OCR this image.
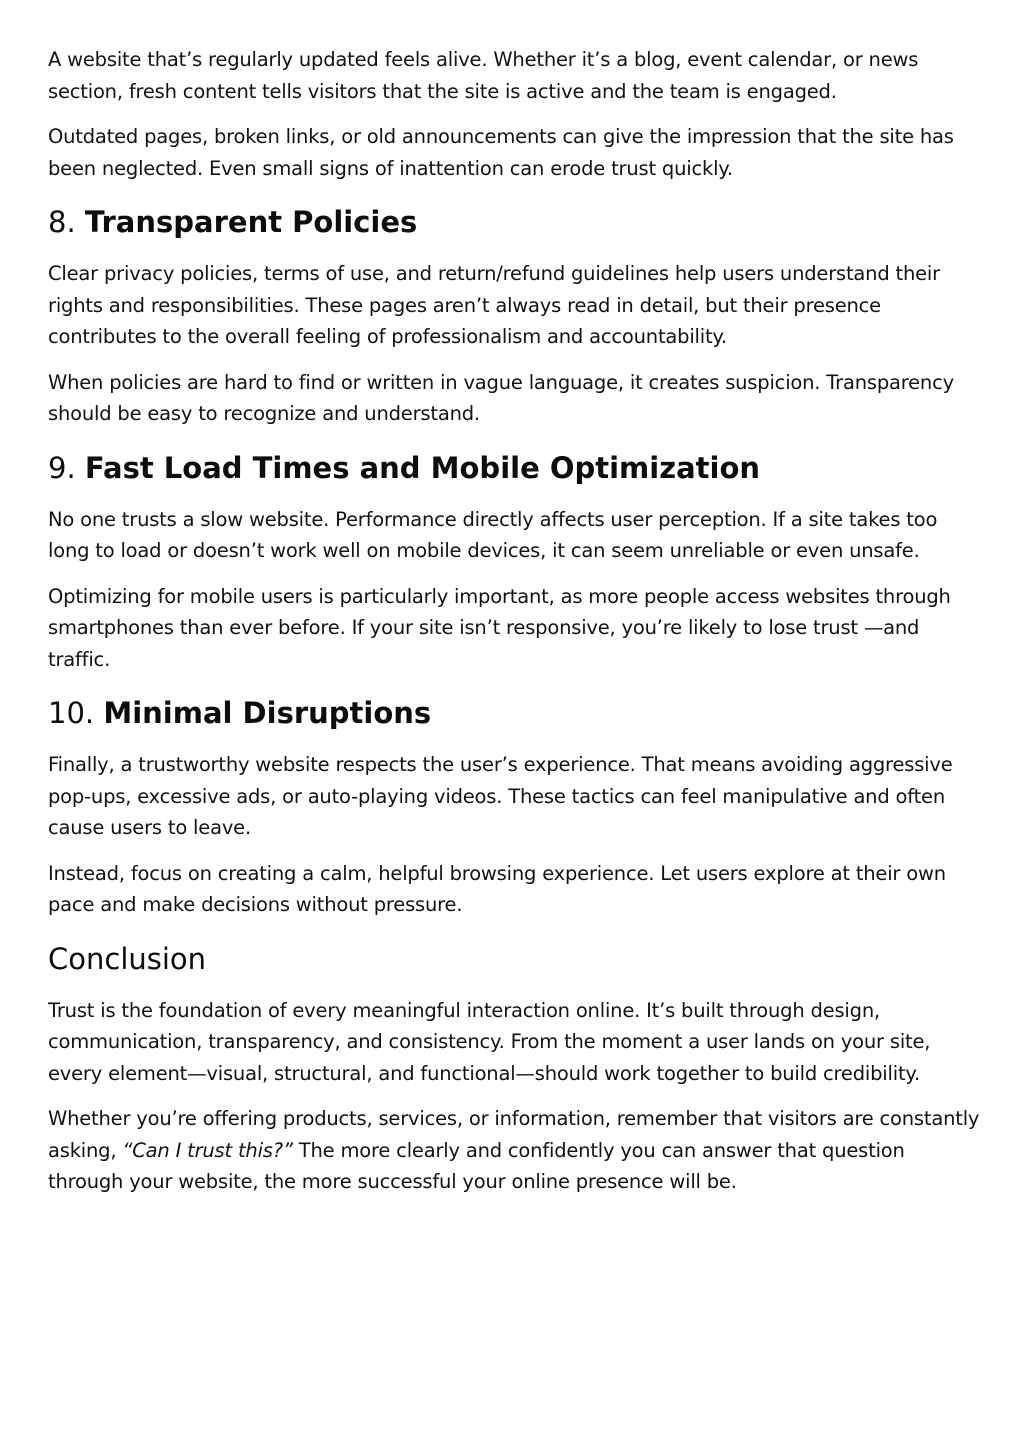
A website that’s regularly updated feels alive. Whether it’s a blog, event calendar, or news section, fresh content tells visitors that the site is active and the team is engaged.

Outdated pages, broken links, or old announcements can give the impression that the site has been neglected. Even small signs of inattention can erode trust quickly.

8. Transparent Policies

Clear privacy policies, terms of use, and return/refund guidelines help users understand their rights and responsibilities. These pages aren’t always read in detail, but their presence contributes to the overall feeling of professionalism and accountability.

When policies are hard to find or written in vague language, it creates suspicion. Transparency should be easy to recognize and understand.

9. Fast Load Times and Mobile Optimization

No one trusts a slow website. Performance directly affects user perception. If a site takes too long to load or doesn’t work well on mobile devices, it can seem unreliable or even unsafe.

Optimizing for mobile users is particularly important, as more people access websites through smartphones than ever before. If your site isn’t responsive, you’re likely to lose trust —and traffic.

10. Minimal Disruptions

Finally, a trustworthy website respects the user’s experience. That means avoiding aggressive pop-ups, excessive ads, or auto-playing videos. These tactics can feel manipulative and often cause users to leave.

Instead, focus on creating a calm, helpful browsing experience. Let users explore at their own pace and make decisions without pressure.

Conclusion

Trust is the foundation of every meaningful interaction online. It’s built through design, communication, transparency, and consistency. From the moment a user lands on your site, every element—visual, structural, and functional—should work together to build credibility.

Whether you’re offering products, services, or information, remember that visitors are constantly asking, “Can I trust this?” The more clearly and confidently you can answer that question through your website, the more successful your online presence will be.
